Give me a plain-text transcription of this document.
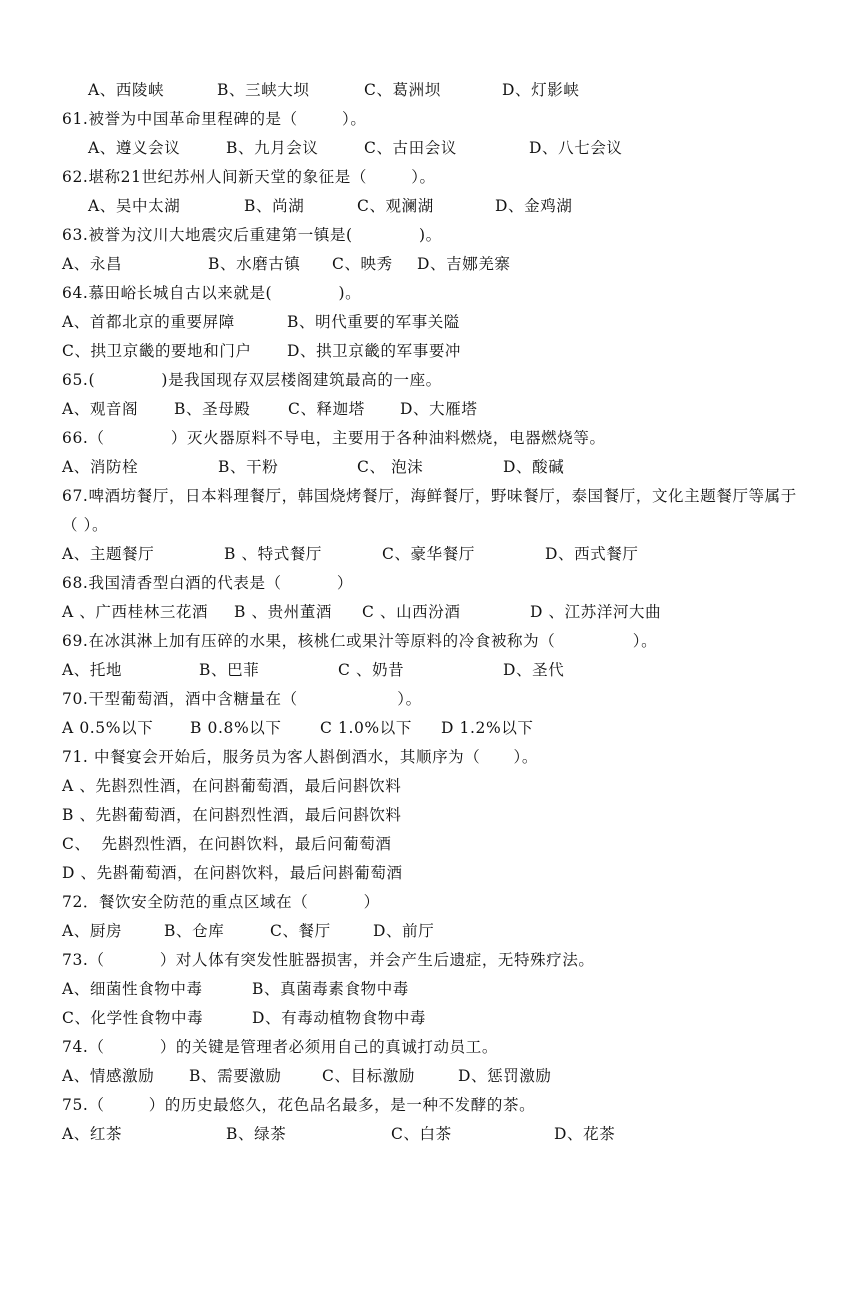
A、西陵峡

	B、三峡大坝

	C、葛洲坝

	D、灯影峡

61.被誉为中国革命里程碑的是（        ）。

A、遵义会议

	B、九月会议

	C、古田会议

	D、八七会议

62.堪称21世纪苏州人间新天堂的象征是（        ）。

A、吴中太湖

	B、尚湖

	C、观澜湖

	D、金鸡湖

63.被誉为汶川大地震灾后重建第一镇是(            )。

A、永昌

	B、水磨古镇

C、映秀

D、吉娜羌寨

64.慕田峪长城自古以来就是(            )。

A、首都北京的重要屏障

	B、明代重要的军事关隘

C、拱卫京畿的要地和门户

D、拱卫京畿的军事要冲

65.(            )是我国现存双层楼阁建筑最高的一座。

A、观音阁

B、圣母殿

C、释迦塔

D、大雁塔

66.（            ）灭火器原料不导电，主要用于各种油料燃烧，电器燃烧等。

A、消防栓

	B、干粉

	C、 泡沫

	D、酸碱

67.啤酒坊餐厅，日本料理餐厅，韩国烧烤餐厅，海鲜餐厅，野味餐厅，泰国餐厅，文化主题餐厅等属于（ ）。

A、主题餐厅

	B 、特式餐厅

	C、豪华餐厅

	D、西式餐厅

68.我国清香型白酒的代表是（          ）

A 、广西桂林三花酒

B 、贵州董酒

C 、山西汾酒

	D 、江苏洋河大曲

69.在冰淇淋上加有压碎的水果，核桃仁或果汁等原料的冷食被称为（              ）。

A、托地

	B、巴菲

	C 、奶昔

	D、圣代

70.干型葡萄酒，酒中含糖量在（                  ）。

A 0.5%以下

B 0.8%以下

C 1.0%以下

D 1.2%以下

71. 中餐宴会开始后，服务员为客人斟倒酒水，其顺序为（      ）。
A 、先斟烈性酒，在问斟葡萄酒，最后问斟饮料
B 、先斟葡萄酒，在问斟烈性酒，最后问斟饮料
C、  先斟烈性酒，在问斟饮料，最后问葡萄酒
D 、先斟葡萄酒，在问斟饮料，最后问斟葡萄酒
72．餐饮安全防范的重点区域在（          ）

A、厨房

	B、仓库

	C、餐厅

	D、前厅

73.（          ）对人体有突发性脏器损害，并会产生后遗症，无特殊疗法。

A、细菌性食物中毒

	B、真菌毒素食物中毒

C、化学性食物中毒

	D、有毒动植物食物中毒

74.（          ）的关键是管理者必须用自己的真诚打动员工。

A、情感激励

B、需要激励

	C、目标激励

	D、惩罚激励

75.（        ）的历史最悠久，花色品名最多，是一种不发酵的茶。

A、红茶

	B、绿茶

	C、白茶

	D、花茶
